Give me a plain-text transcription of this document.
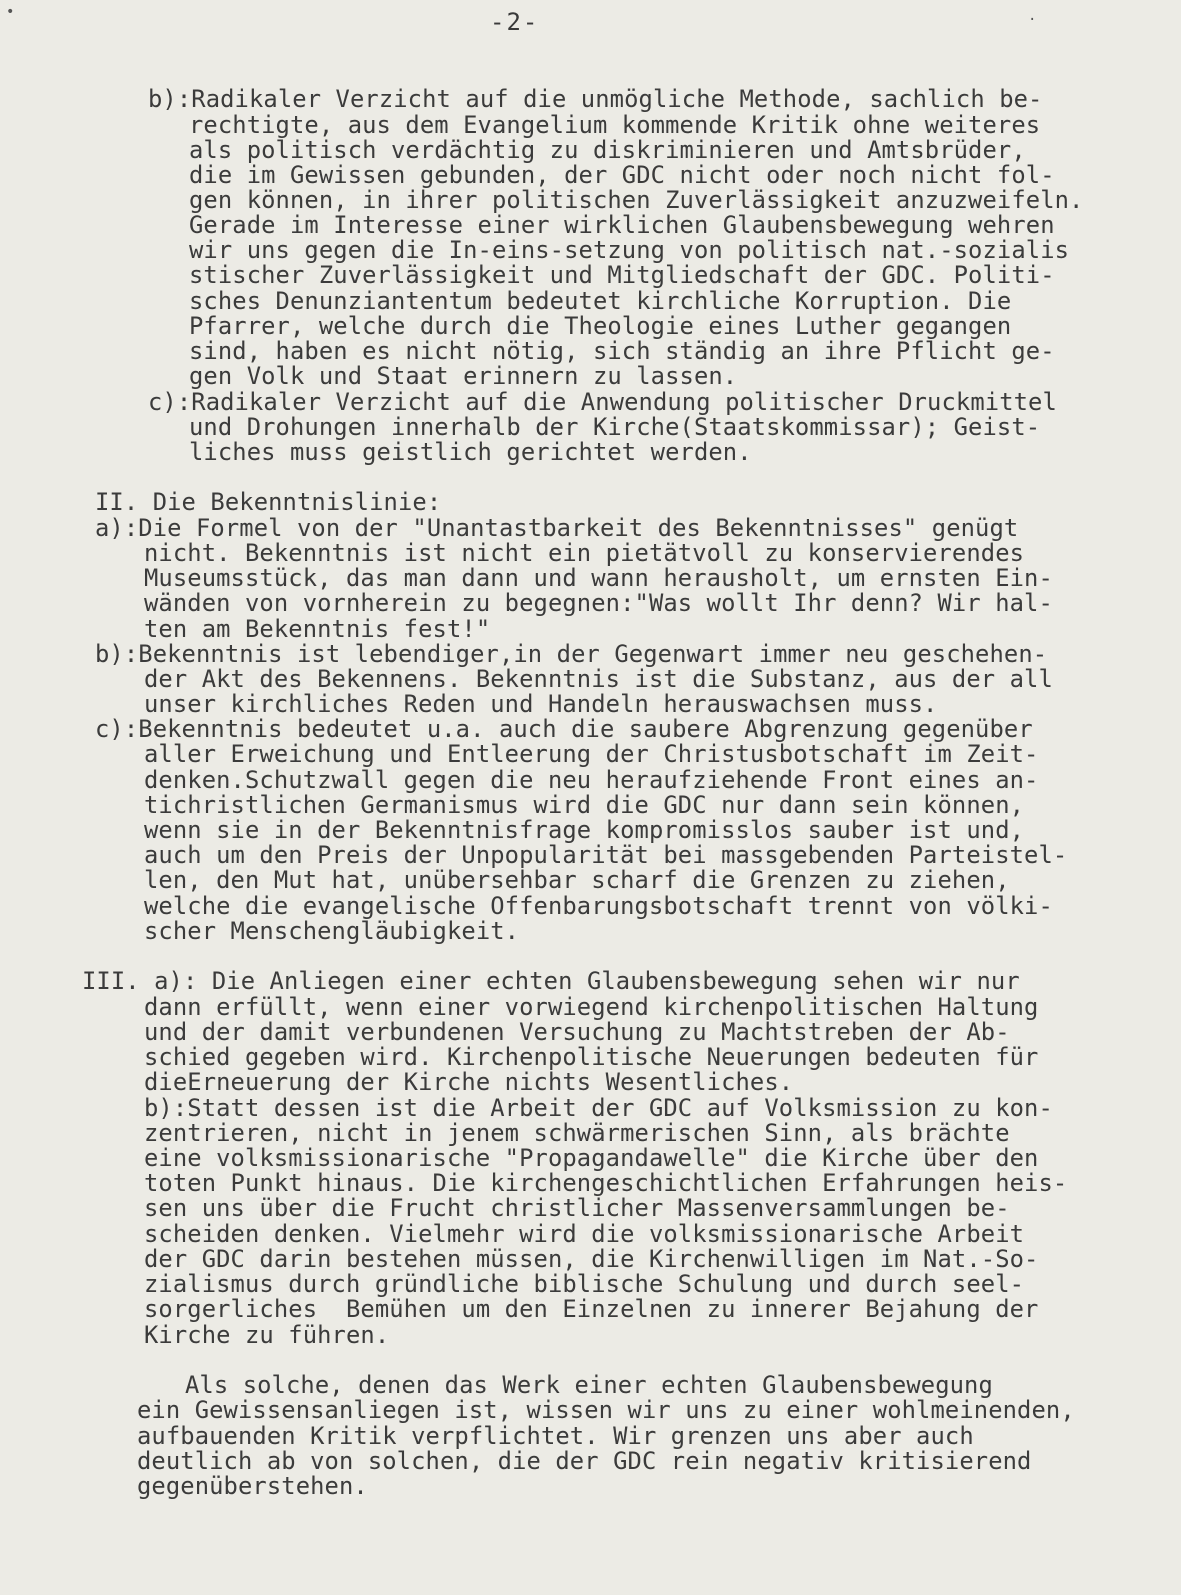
-2-
b):Radikaler Verzicht auf die unmögliche Methode, sachlich be-
rechtigte, aus dem Evangelium kommende Kritik ohne weiteres
als politisch verdächtig zu diskriminieren und Amtsbrüder,
die im Gewissen gebunden, der GDC nicht oder noch nicht fol-
gen können, in ihrer politischen Zuverlässigkeit anzuzweifeln.
Gerade im Interesse einer wirklichen Glaubensbewegung wehren
wir uns gegen die In-eins-setzung von politisch nat.-sozialis
stischer Zuverlässigkeit und Mitgliedschaft der GDC. Politi-
sches Denunziantentum bedeutet kirchliche Korruption. Die
Pfarrer, welche durch die Theologie eines Luther gegangen
sind, haben es nicht nötig, sich ständig an ihre Pflicht ge-
gen Volk und Staat erinnern zu lassen.
c):Radikaler Verzicht auf die Anwendung politischer Druckmittel
und Drohungen innerhalb der Kirche(Staatskommissar); Geist-
liches muss geistlich gerichtet werden.
II. Die Bekenntnislinie:
a):Die Formel von der "Unantastbarkeit des Bekenntnisses" genügt
nicht. Bekenntnis ist nicht ein pietätvoll zu konservierendes
Museumsstück, das man dann und wann herausholt, um ernsten Ein-
wänden von vornherein zu begegnen:"Was wollt Ihr denn? Wir hal-
ten am Bekenntnis fest!"
b):Bekenntnis ist lebendiger,in der Gegenwart immer neu geschehen-
der Akt des Bekennens. Bekenntnis ist die Substanz, aus der all
unser kirchliches Reden und Handeln herauswachsen muss.
c):Bekenntnis bedeutet u.a. auch die saubere Abgrenzung gegenüber
aller Erweichung und Entleerung der Christusbotschaft im Zeit-
denken.Schutzwall gegen die neu heraufziehende Front eines an-
tichristlichen Germanismus wird die GDC nur dann sein können,
wenn sie in der Bekenntnisfrage kompromisslos sauber ist und,
auch um den Preis der Unpopularität bei massgebenden Parteistel-
len, den Mut hat, unübersehbar scharf die Grenzen zu ziehen,
welche die evangelische Offenbarungsbotschaft trennt von völki-
scher Menschengläubigkeit.
III. a): Die Anliegen einer echten Glaubensbewegung sehen wir nur
dann erfüllt, wenn einer vorwiegend kirchenpolitischen Haltung
und der damit verbundenen Versuchung zu Machtstreben der Ab-
schied gegeben wird. Kirchenpolitische Neuerungen bedeuten für
dieErneuerung der Kirche nichts Wesentliches.
b):Statt dessen ist die Arbeit der GDC auf Volksmission zu kon-
zentrieren, nicht in jenem schwärmerischen Sinn, als brächte
eine volksmissionarische "Propagandawelle" die Kirche über den
toten Punkt hinaus. Die kirchengeschichtlichen Erfahrungen heis-
sen uns über die Frucht christlicher Massenversammlungen be-
scheiden denken. Vielmehr wird die volksmissionarische Arbeit
der GDC darin bestehen müssen, die Kirchenwilligen im Nat.-So-
zialismus durch gründliche biblische Schulung und durch seel-
sorgerliches  Bemühen um den Einzelnen zu innerer Bejahung der
Kirche zu führen.
Als solche, denen das Werk einer echten Glaubensbewegung
ein Gewissensanliegen ist, wissen wir uns zu einer wohlmeinenden,
aufbauenden Kritik verpflichtet. Wir grenzen uns aber auch
deutlich ab von solchen, die der GDC rein negativ kritisierend
gegenüberstehen.
•	·
